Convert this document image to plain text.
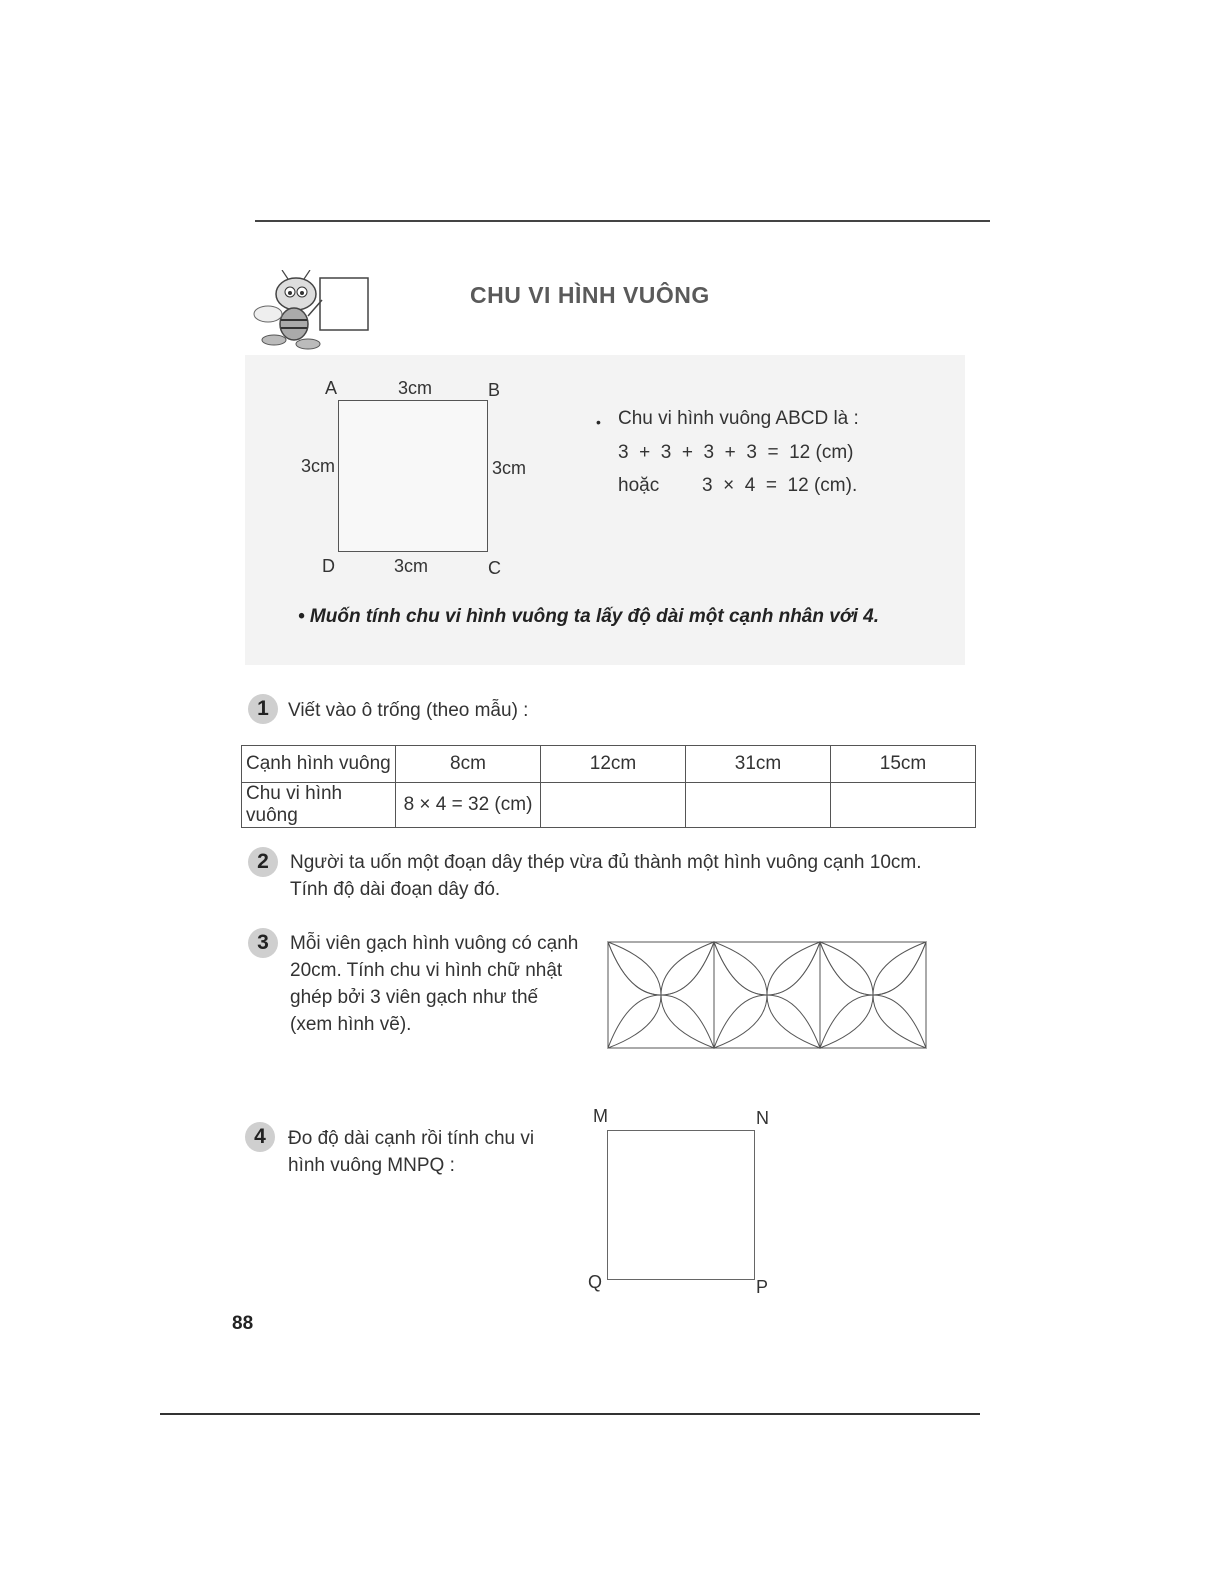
CHU VI HÌNH VUÔNG
A	B
C
D
3cm
3cm	3cm
3cm
• Chu vi hình vuông ABCD là :
3  +  3  +  3  +  3  =  12 (cm)
hoặc 3  ×  4  =  12 (cm).
• Muốn tính chu vi hình vuông ta lấy độ dài một cạnh nhân với 4.
1	Viết vào ô trống (theo mẫu) :
Cạnh hình vuông	8cm	12cm	31cm	15cm
Chu vi hình vuông	8 × 4 = 32 (cm)			
2	Người ta uốn một đoạn dây thép vừa đủ thành một hình vuông cạnh 10cm.
Tính độ dài đoạn dây đó.
3	Mỗi viên gạch hình vuông có cạnh
20cm. Tính chu vi hình chữ nhật
ghép bởi 3 viên gạch như thế
(xem hình vẽ).
4	Đo độ dài cạnh rồi tính chu vi
hình vuông MNPQ :
M	N
P
Q
88
